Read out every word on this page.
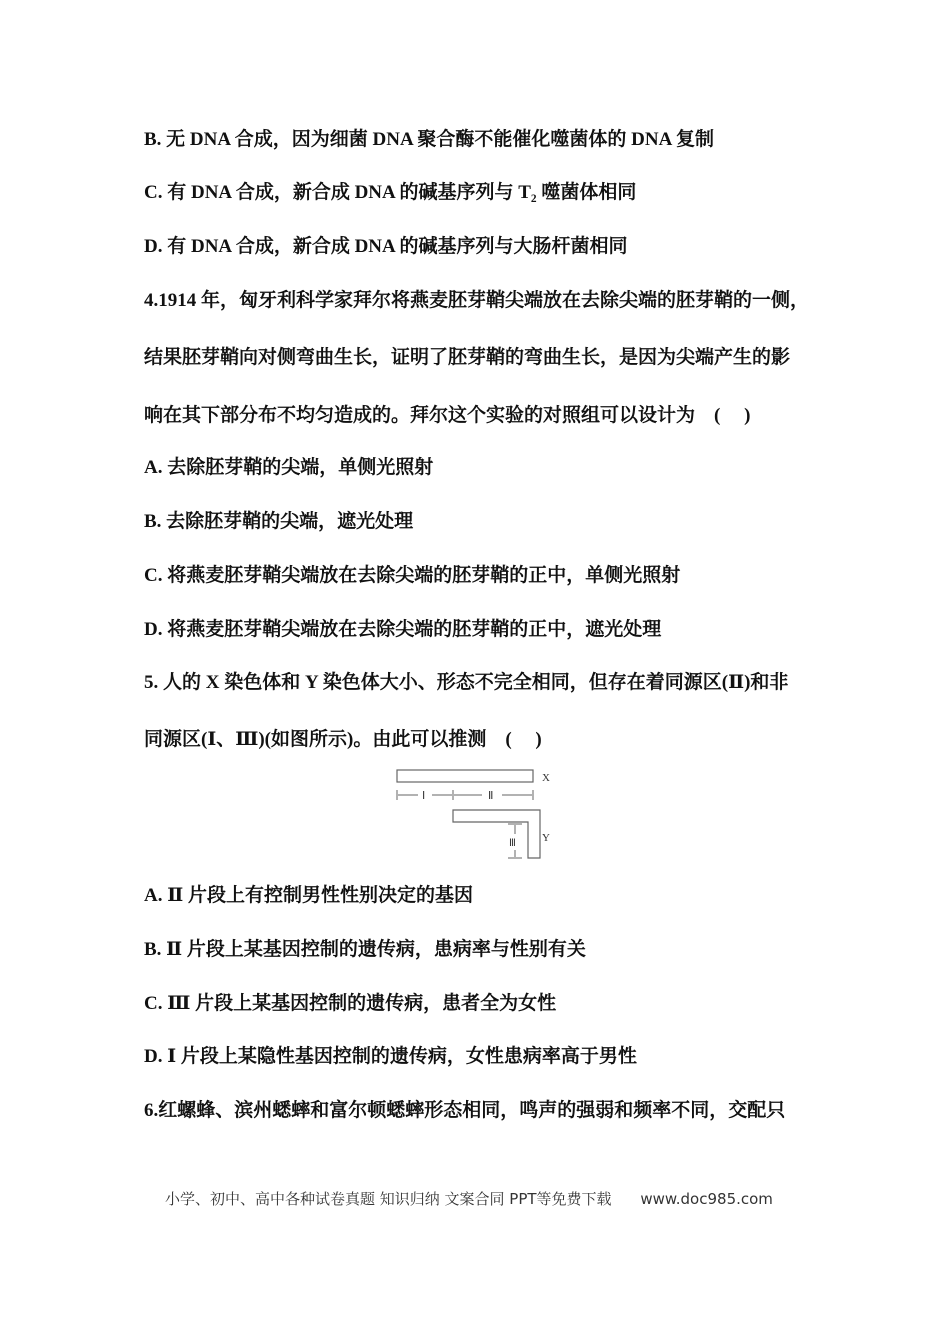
B. 无 DNA 合成，因为细菌 DNA 聚合酶不能催化噬菌体的 DNA 复制
C. 有 DNA 合成，新合成 DNA 的碱基序列与 T₂ 噬菌体相同
D. 有 DNA 合成，新合成 DNA 的碱基序列与大肠杆菌相同
4.1914 年，匈牙利科学家拜尔将燕麦胚芽鞘尖端放在去除尖端的胚芽鞘的一侧，
结果胚芽鞘向对侧弯曲生长，证明了胚芽鞘的弯曲生长，是因为尖端产生的影
响在其下部分布不均匀造成的。拜尔这个实验的对照组可以设计为　(　 )
A. 去除胚芽鞘的尖端，单侧光照射
B. 去除胚芽鞘的尖端，遮光处理
C. 将燕麦胚芽鞘尖端放在去除尖端的胚芽鞘的正中，单侧光照射
D. 将燕麦胚芽鞘尖端放在去除尖端的胚芽鞘的正中，遮光处理
5. 人的 X 染色体和 Y 染色体大小、形态不完全相同，但存在着同源区(Ⅱ)和非
同源区(Ⅰ、Ⅲ)(如图所示)。由此可以推测　(　 )
X
Ⅰ	Ⅱ
Y
Ⅲ
A. Ⅱ 片段上有控制男性性别决定的基因
B. Ⅱ 片段上某基因控制的遗传病，患病率与性别有关
C. Ⅲ 片段上某基因控制的遗传病，患者全为女性
D. Ⅰ 片段上某隐性基因控制的遗传病，女性患病率高于男性
6.红螺蜂、滨州蟋蟀和富尔顿蟋蟀形态相同，鸣声的强弱和频率不同，交配只
小学、初中、高中各种试卷真题 知识归纳 文案合同 PPT等免费下载 www.doc985.com
